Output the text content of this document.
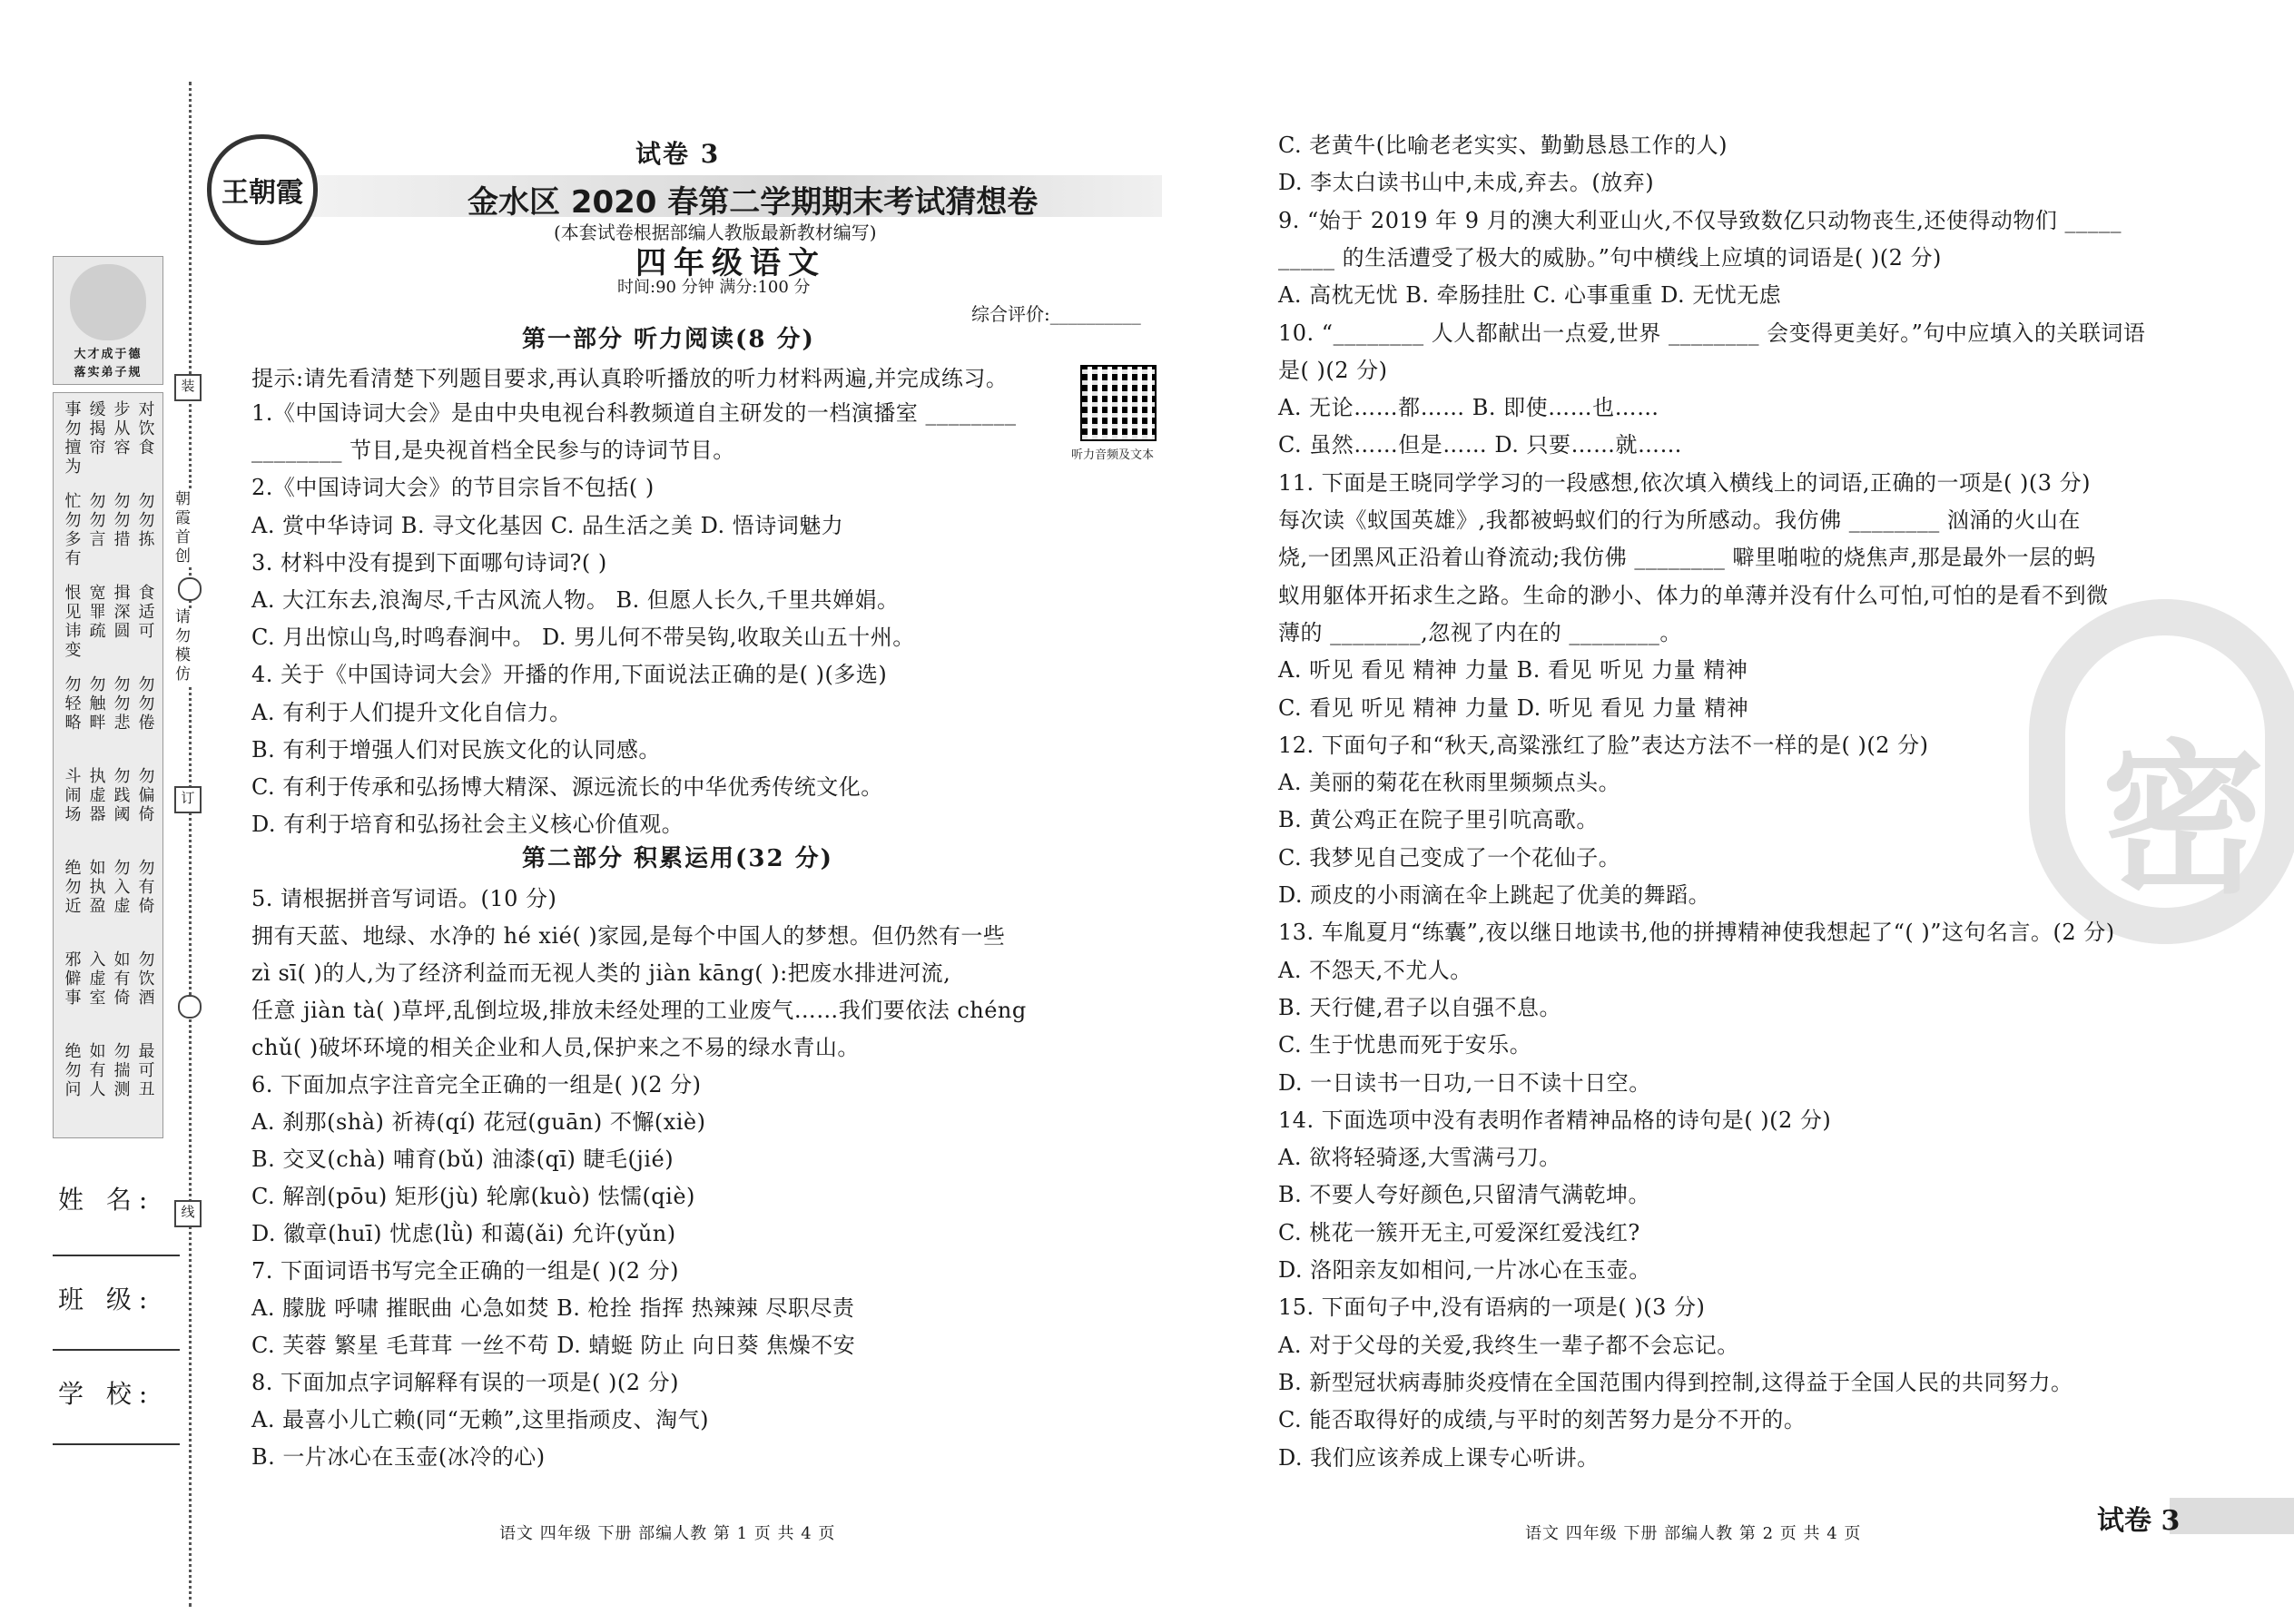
大才成于德
落实弟子规
事勿擅为 缓揭帘 步从容 对饮食
忙勿多有 勿勿言 勿勿措 勿勿拣
恨见讳变 宽罪疏 揖深圆 食适可
勿轻略 勿触畔 勿勿悲 勿勿倦
斗闹场 执虚器 勿践阈 勿偏倚
绝勿近 如执盈 勿入虚 勿有倚
邪僻事 入虚室 如有倚 勿饮酒
绝勿问 如有人 勿揣测 最可丑
姓 名:
班 级:
学 校:
装
朝霞首创
请勿模仿
订
线
王朝霞
试卷 3
金水区 2020 春第二学期期末考试猜想卷
(本套试卷根据部编人教版最新教材编写)
四年级语文
时间:90 分钟 满分:100 分
综合评价:__________
第一部分 听力阅读(8 分)
提示:请先看清楚下列题目要求,再认真聆听播放的听力材料两遍,并完成练习。
听力音频及文本
1.《中国诗词大会》是由中央电视台科教频道自主研发的一档演播室 ________
________ 节目,是央视首档全民参与的诗词节目。
2.《中国诗词大会》的节目宗旨不包括( )
A. 赏中华诗词 B. 寻文化基因 C. 品生活之美 D. 悟诗词魅力
3. 材料中没有提到下面哪句诗词?( )
A. 大江东去,浪淘尽,千古风流人物。 B. 但愿人长久,千里共婵娟。
C. 月出惊山鸟,时鸣春涧中。 D. 男儿何不带吴钩,收取关山五十州。
4. 关于《中国诗词大会》开播的作用,下面说法正确的是( )(多选)
A. 有利于人们提升文化自信力。
B. 有利于增强人们对民族文化的认同感。
C. 有利于传承和弘扬博大精深、源远流长的中华优秀传统文化。
D. 有利于培育和弘扬社会主义核心价值观。
第二部分 积累运用(32 分)
5. 请根据拼音写词语。(10 分)
拥有天蓝、地绿、水净的 hé xié( )家园,是每个中国人的梦想。但仍然有一些
zì sī( )的人,为了经济利益而无视人类的 jiàn kāng( ):把废水排进河流,
任意 jiàn tà( )草坪,乱倒垃圾,排放未经处理的工业废气……我们要依法 chéng
chǔ( )破坏环境的相关企业和人员,保护来之不易的绿水青山。
6. 下面加点字注音完全正确的一组是( )(2 分)
A. 刹那(shà) 祈祷(qí) 花冠(guān) 不懈(xiè)
B. 交叉(chà) 哺育(bǔ) 油漆(qī) 睫毛(jié)
C. 解剖(pōu) 矩形(jù) 轮廓(kuò) 怯懦(qiè)
D. 徽章(huī) 忧虑(lǜ) 和蔼(ǎi) 允许(yǔn)
7. 下面词语书写完全正确的一组是( )(2 分)
A. 朦胧 呼啸 摧眠曲 心急如焚 B. 枪拴 指挥 热辣辣 尽职尽责
C. 芙蓉 繁星 毛茸茸 一丝不苟 D. 蜻蜓 防止 向日葵 焦燥不安
8. 下面加点字词解释有误的一项是( )(2 分)
A. 最喜小儿亡赖(同“无赖”,这里指顽皮、淘气)
B. 一片冰心在玉壶(冰冷的心)
语文 四年级 下册 部编人教 第 1 页 共 4 页
密
C. 老黄牛(比喻老老实实、勤勤恳恳工作的人)
D. 李太白读书山中,未成,弃去。(放弃)
9. “始于 2019 年 9 月的澳大利亚山火,不仅导致数亿只动物丧生,还使得动物们 _____
_____ 的生活遭受了极大的威胁。”句中横线上应填的词语是( )(2 分)
A. 高枕无忧 B. 牵肠挂肚 C. 心事重重 D. 无忧无虑
10. “________ 人人都献出一点爱,世界 ________ 会变得更美好。”句中应填入的关联词语
是( )(2 分)
A. 无论……都…… B. 即使……也……
C. 虽然……但是…… D. 只要……就……
11. 下面是王晓同学学习的一段感想,依次填入横线上的词语,正确的一项是( )(3 分)
每次读《蚁国英雄》,我都被蚂蚁们的行为所感动。我仿佛 ________ 汹涌的火山在
烧,一团黑风正沿着山脊流动;我仿佛 ________ 噼里啪啦的烧焦声,那是最外一层的蚂
蚁用躯体开拓求生之路。生命的渺小、体力的单薄并没有什么可怕,可怕的是看不到微
薄的 ________,忽视了内在的 ________。
A. 听见 看见 精神 力量 B. 看见 听见 力量 精神
C. 看见 听见 精神 力量 D. 听见 看见 力量 精神
12. 下面句子和“秋天,高粱涨红了脸”表达方法不一样的是( )(2 分)
A. 美丽的菊花在秋雨里频频点头。
B. 黄公鸡正在院子里引吭高歌。
C. 我梦见自己变成了一个花仙子。
D. 顽皮的小雨滴在伞上跳起了优美的舞蹈。
13. 车胤夏月“练囊”,夜以继日地读书,他的拼搏精神使我想起了“( )”这句名言。(2 分)
A. 不怨天,不尤人。
B. 天行健,君子以自强不息。
C. 生于忧患而死于安乐。
D. 一日读书一日功,一日不读十日空。
14. 下面选项中没有表明作者精神品格的诗句是( )(2 分)
A. 欲将轻骑逐,大雪满弓刀。
B. 不要人夸好颜色,只留清气满乾坤。
C. 桃花一簇开无主,可爱深红爱浅红?
D. 洛阳亲友如相问,一片冰心在玉壶。
15. 下面句子中,没有语病的一项是( )(3 分)
A. 对于父母的关爱,我终生一辈子都不会忘记。
B. 新型冠状病毒肺炎疫情在全国范围内得到控制,这得益于全国人民的共同努力。
C. 能否取得好的成绩,与平时的刻苦努力是分不开的。
D. 我们应该养成上课专心听讲。
语文 四年级 下册 部编人教 第 2 页 共 4 页	试卷 3
